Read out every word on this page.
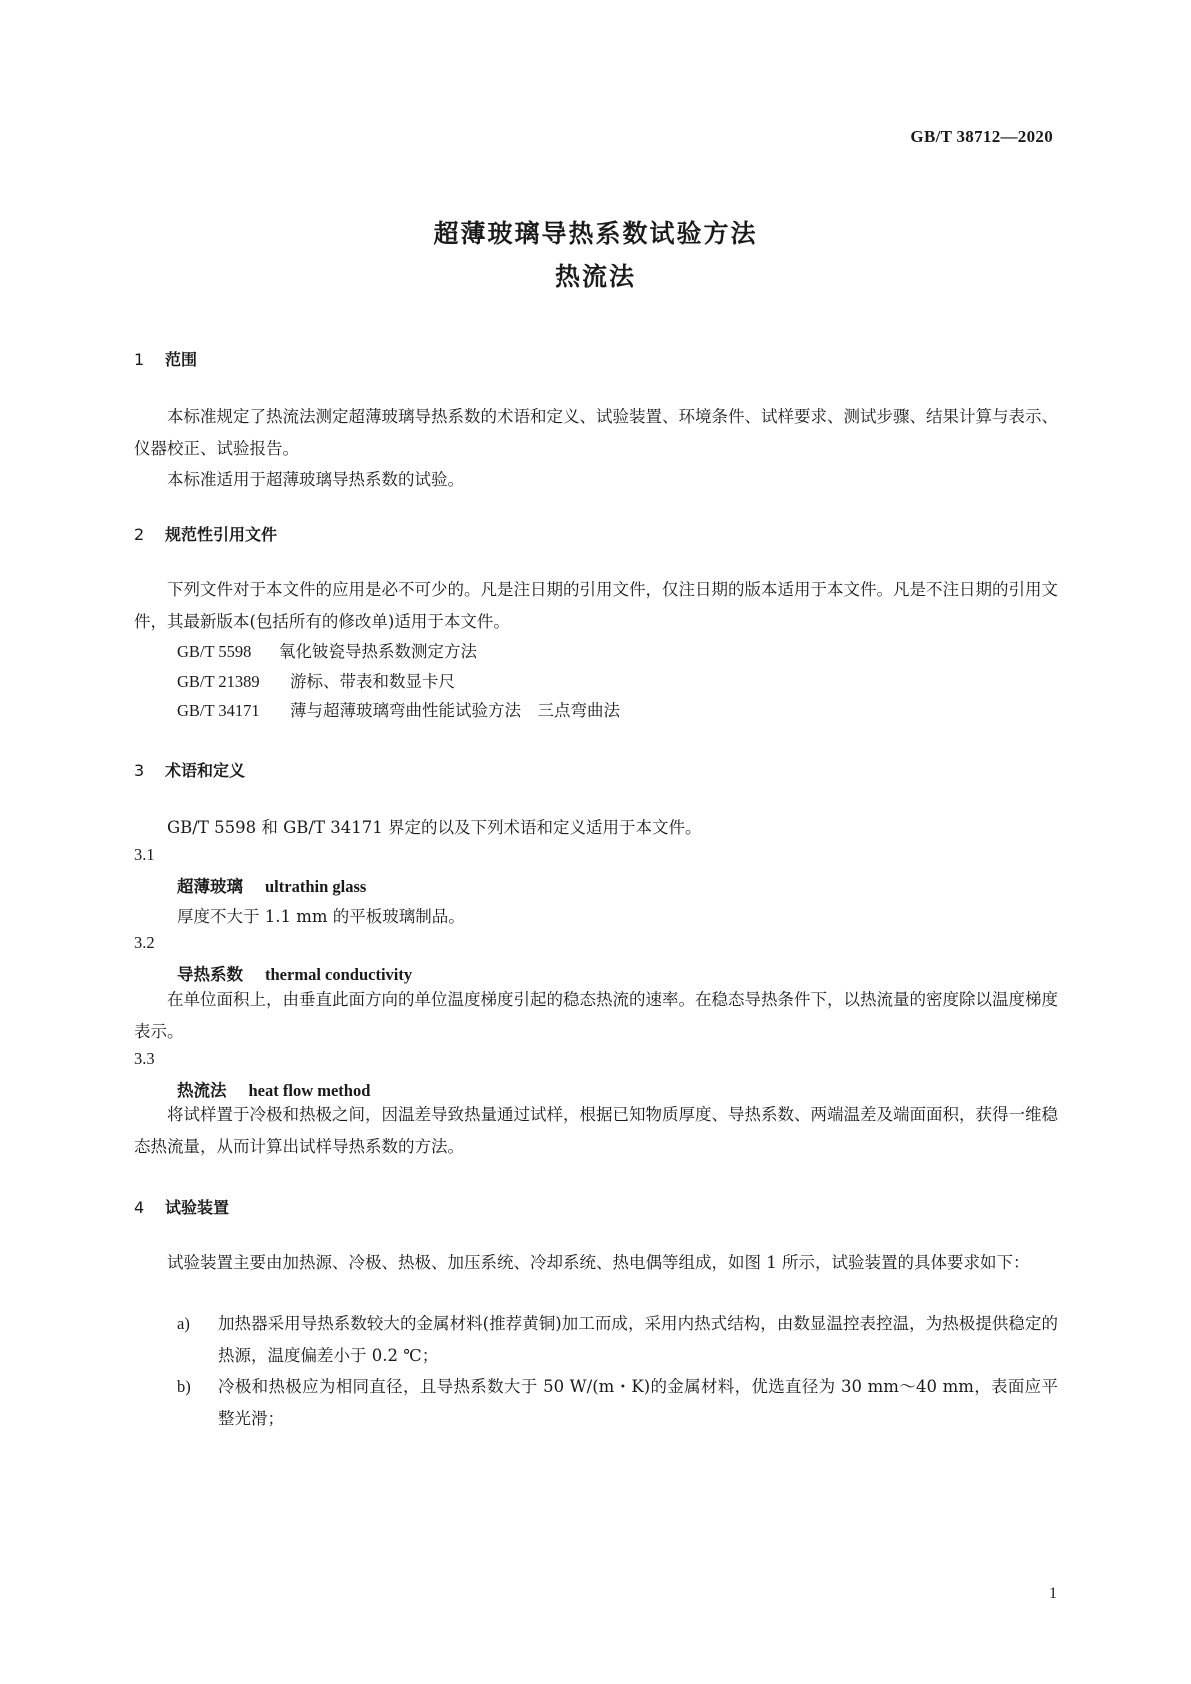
GB/T 38712—2020
超薄玻璃导热系数试验方法
热流法
1 范围

本标准规定了热流法测定超薄玻璃导热系数的术语和定义、试验装置、环境条件、试样要求、测试步骤、结果计算与表示、仪器校正、试验报告。

本标准适用于超薄玻璃导热系数的试验。

2 规范性引用文件

下列文件对于本文件的应用是必不可少的。凡是注日期的引用文件，仅注日期的版本适用于本文件。凡是不注日期的引用文件，其最新版本(包括所有的修改单)适用于本文件。

GB/T 5598 氧化铍瓷导热系数测定方法
GB/T 21389 游标、带表和数显卡尺
GB/T 34171 薄与超薄玻璃弯曲性能试验方法　三点弯曲法
3 术语和定义

GB/T 5598 和 GB/T 34171 界定的以及下列术语和定义适用于本文件。

3.1
超薄玻璃 ultrathin glass
厚度不大于 1.1 mm 的平板玻璃制品。
3.2
导热系数 thermal conductivity

在单位面积上，由垂直此面方向的单位温度梯度引起的稳态热流的速率。在稳态导热条件下，以热流量的密度除以温度梯度表示。

3.3
热流法 heat flow method

将试样置于冷极和热极之间，因温差导致热量通过试样，根据已知物质厚度、导热系数、两端温差及端面面积，获得一维稳态热流量，从而计算出试样导热系数的方法。

4 试验装置

试验装置主要由加热源、冷极、热极、加压系统、冷却系统、热电偶等组成，如图 1 所示，试验装置的具体要求如下：

a) 加热器采用导热系数较大的金属材料(推荐黄铜)加工而成，采用内热式结构，由数显温控表控温，为热极提供稳定的热源，温度偏差小于 0.2 ℃；
b) 冷极和热极应为相同直径，且导热系数大于 50 W/(m・K)的金属材料，优选直径为 30 mm～40 mm，表面应平整光滑；
1
